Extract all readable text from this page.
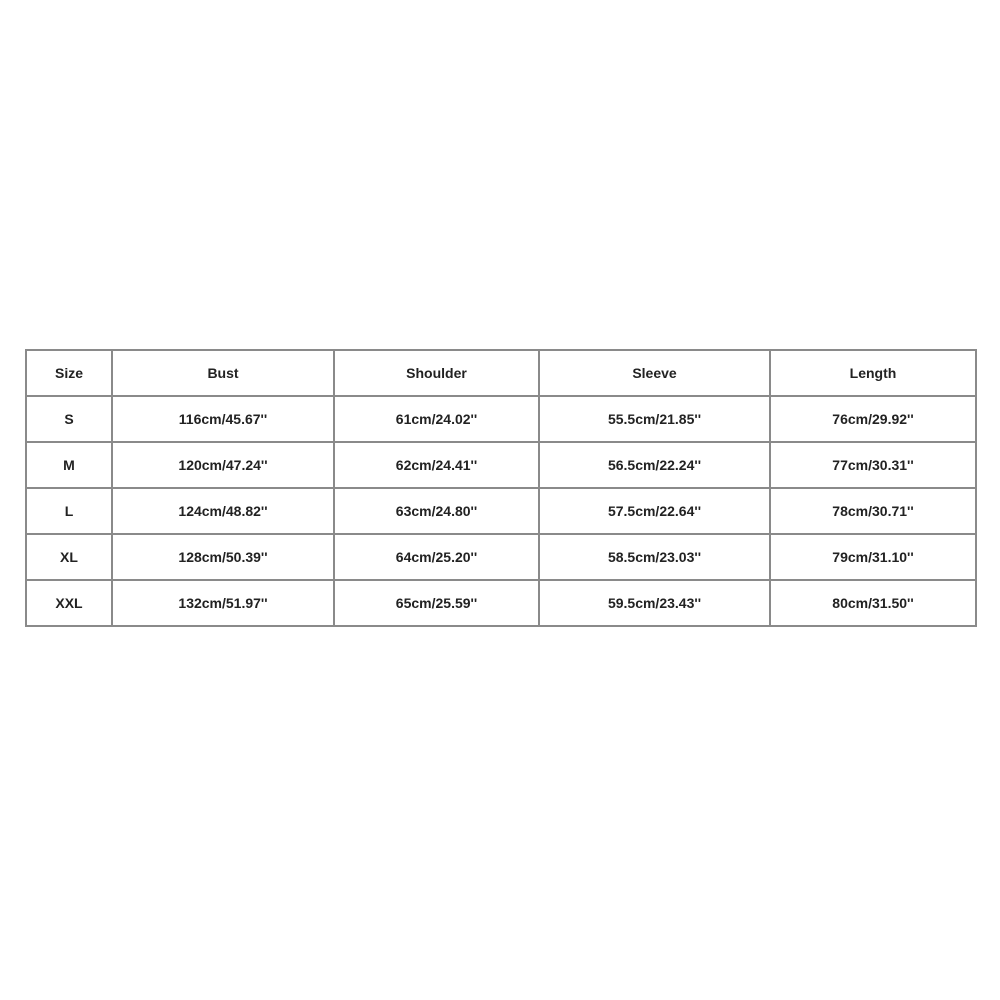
Size	Bust	Shoulder	Sleeve	Length
S	116cm/45.67''	61cm/24.02''	55.5cm/21.85''	76cm/29.92''
M	120cm/47.24''	62cm/24.41''	56.5cm/22.24''	77cm/30.31''
L	124cm/48.82''	63cm/24.80''	57.5cm/22.64''	78cm/30.71''
XL	128cm/50.39''	64cm/25.20''	58.5cm/23.03''	79cm/31.10''
XXL	132cm/51.97''	65cm/25.59''	59.5cm/23.43''	80cm/31.50''
